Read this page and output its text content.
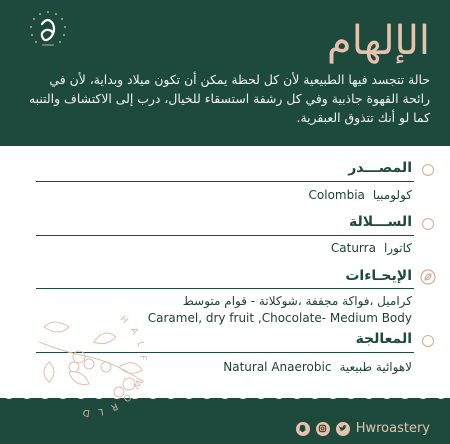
الإلهام
حالة تتجسد فيها الطبيعية لأن كل لحظة يمكن أن تكون ميلاد وبداية، لأن في رائحة القهوة جاذبية وفي كل رشفة استسقاء للخيال، درب إلى الاكتشاف والتنبه كما لو أنك تتذوق العبقرية.
المصـــدر
كولومبيا
Colombia
الســـلالة
كاتورا
Caturra
الإيحـاءات
كراميل ،فواكة مجففة ،شوكلاتة - قوام متوسط
Caramel, dry fruit ,Chocolate- Medium Body
المعالجة
لاهوائية طبيعية
Natural Anaerobic
HALF WORLD
Hwroastery
